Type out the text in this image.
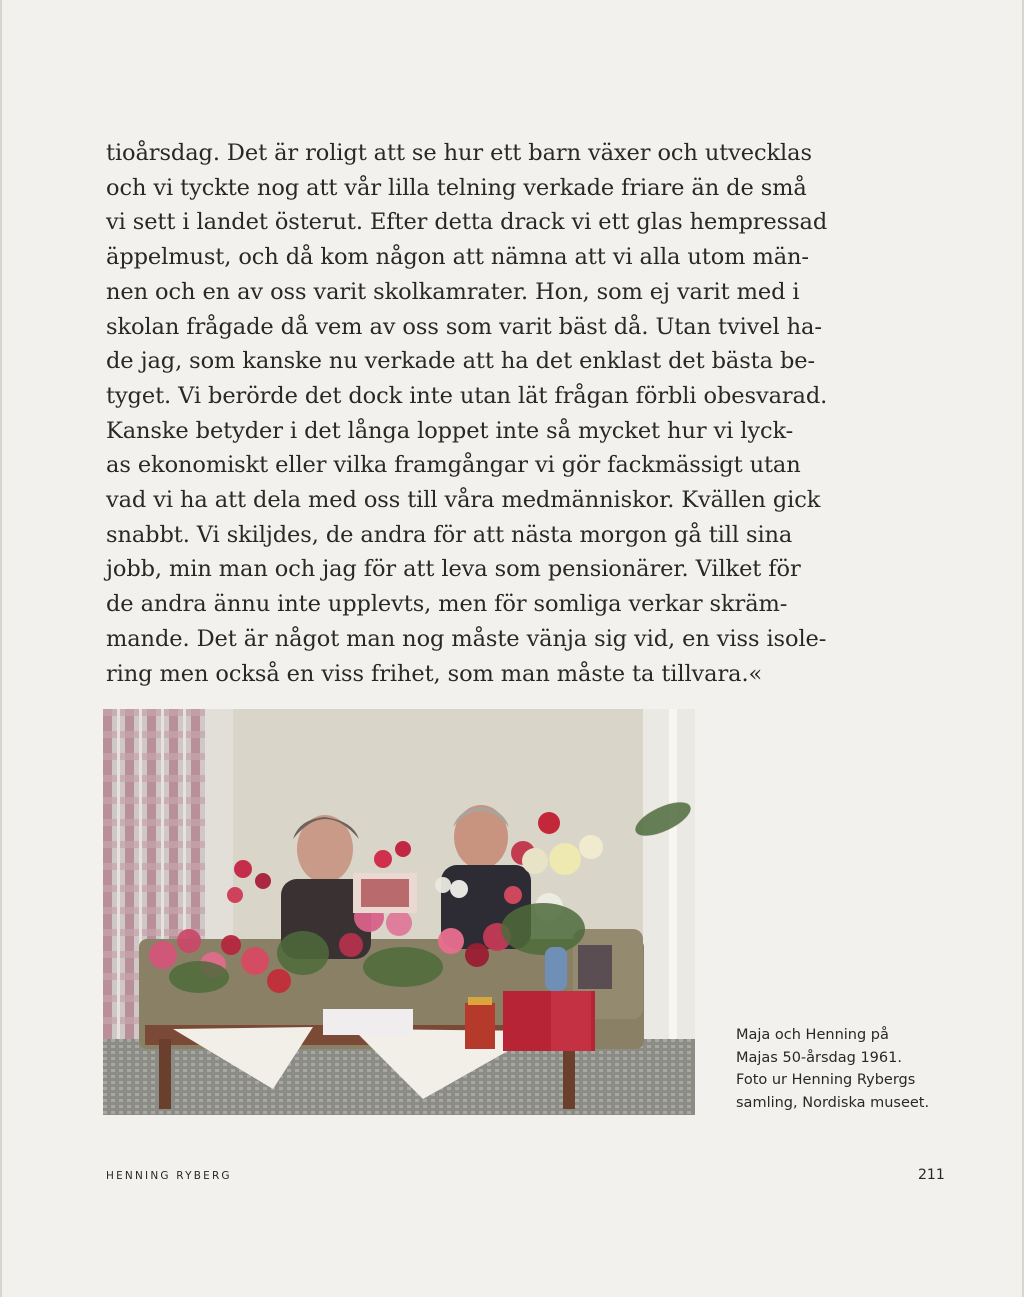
tioårsdag. Det är roligt att se hur ett barn växer och utvecklas
och vi tyckte nog att vår lilla telning verkade friare än de små
vi sett i landet österut. Efter detta drack vi ett glas hempressad
äppelmust, och då kom någon att nämna att vi alla utom män-
nen och en av oss varit skolkamrater. Hon, som ej varit med i
skolan frågade då vem av oss som varit bäst då. Utan tvivel ha-
de jag, som kanske nu verkade att ha det enklast det bästa be-
tyget. Vi berörde det dock inte utan lät frågan förbli obesvarad.
Kanske betyder i det långa loppet inte så mycket hur vi lyck-
as ekonomiskt eller vilka framgångar vi gör fackmässigt utan
vad vi ha att dela med oss till våra medmänniskor. Kvällen gick
snabbt. Vi skiljdes, de andra för att nästa morgon gå till sina
jobb, min man och jag för att leva som pensionärer. Vilket för
de andra ännu inte upplevts, men för somliga verkar skräm-
mande. Det är något man nog måste vänja sig vid, en viss isole-
ring men också en viss frihet, som man måste ta tillvara.«
Maja och Henning på
Majas 50-årsdag 1961.
Foto ur Henning Rybergs
samling, Nordiska museet.
HENNING RYBERG	211
